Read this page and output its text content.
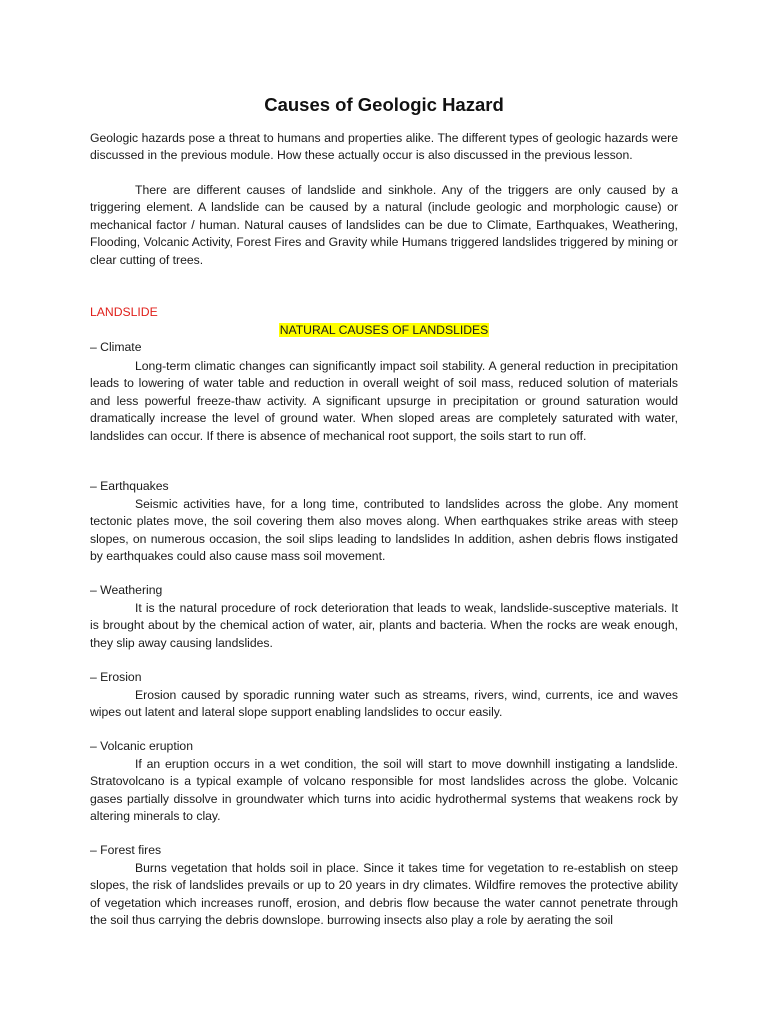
Causes of Geologic Hazard

Geologic hazards pose a threat to humans and properties alike. The different types of geologic hazards were discussed in the previous module. How these actually occur is also discussed in the previous lesson.

There are different causes of landslide and sinkhole. Any of the triggers are only caused by a triggering element. A landslide can be caused by a natural (include geologic and morphologic cause) or mechanical factor / human. Natural causes of landslides can be due to Climate, Earthquakes, Weathering, Flooding, Volcanic Activity, Forest Fires and Gravity while Humans triggered landslides triggered by mining or clear cutting of trees.

LANDSLIDE

NATURAL CAUSES OF LANDSLIDES

– Climate

Long-term climatic changes can significantly impact soil stability. A general reduction in precipitation leads to lowering of water table and reduction in overall weight of soil mass, reduced solution of materials and less powerful freeze-thaw activity. A significant upsurge in precipitation or ground saturation would dramatically increase the level of ground water. When sloped areas are completely saturated with water, landslides can occur. If there is absence of mechanical root support, the soils start to run off.

– Earthquakes

Seismic activities have, for a long time, contributed to landslides across the globe. Any moment tectonic plates move, the soil covering them also moves along. When earthquakes strike areas with steep slopes, on numerous occasion, the soil slips leading to landslides In addition, ashen debris flows instigated by earthquakes could also cause mass soil movement.

– Weathering

It is the natural procedure of rock deterioration that leads to weak, landslide-susceptive materials. It is brought about by the chemical action of water, air, plants and bacteria. When the rocks are weak enough, they slip away causing landslides.

– Erosion

Erosion caused by sporadic running water such as streams, rivers, wind, currents, ice and waves wipes out latent and lateral slope support enabling landslides to occur easily.

– Volcanic eruption

If an eruption occurs in a wet condition, the soil will start to move downhill instigating a landslide. Stratovolcano is a typical example of volcano responsible for most landslides across the globe. Volcanic gases partially dissolve in groundwater which turns into acidic hydrothermal systems that weakens rock by altering minerals to clay.

– Forest fires

Burns vegetation that holds soil in place. Since it takes time for vegetation to re-establish on steep slopes, the risk of landslides prevails or up to 20 years in dry climates. Wildfire removes the protective ability of vegetation which increases runoff, erosion, and debris flow because the water cannot penetrate through the soil thus carrying the debris downslope. burrowing insects also play a role by aerating the soil
